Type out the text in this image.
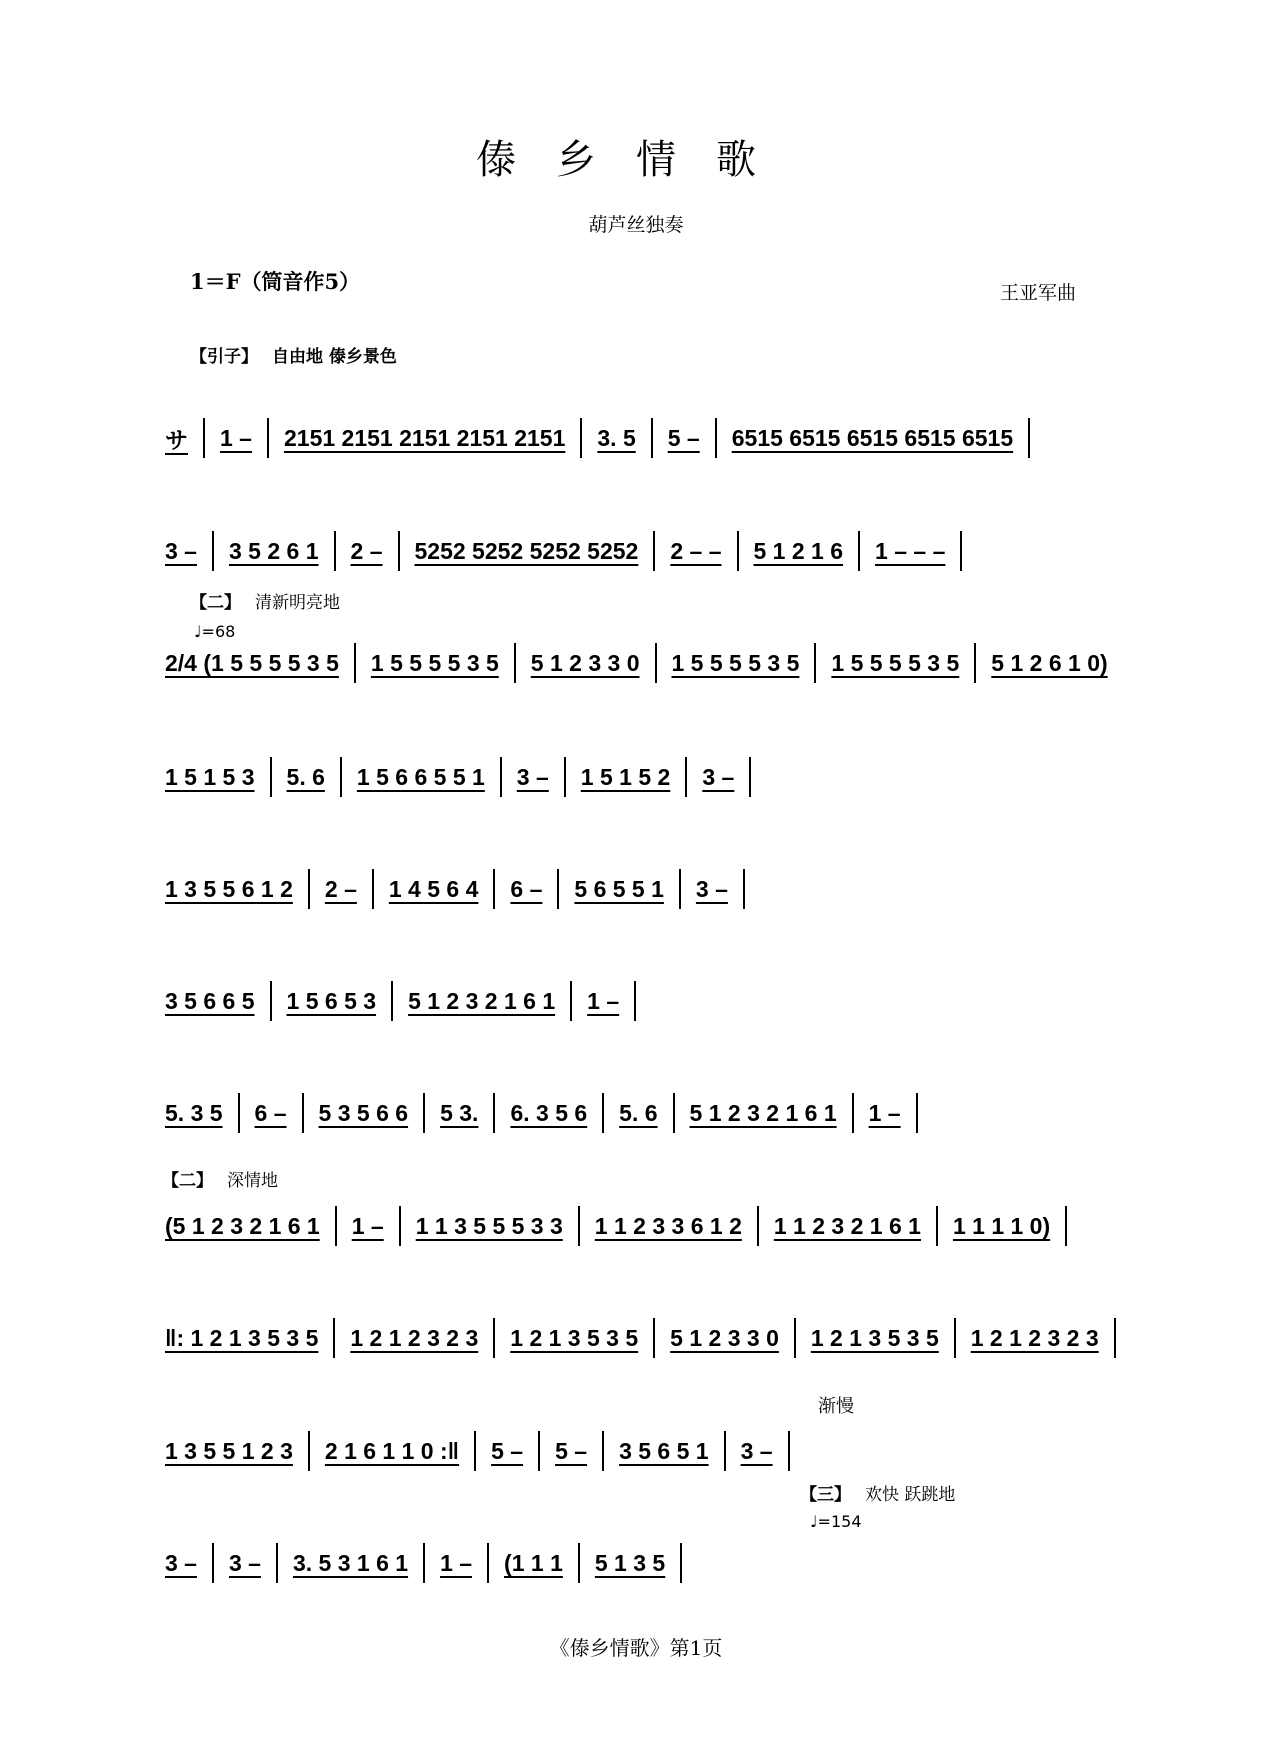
傣乡情歌
葫芦丝独奏
1＝F（筒音作5）	王亚军曲
【引子】 自由地 傣乡景色
【二】 清新明亮地
♩=68
【二】 深情地
渐慢
【三】 欢快 跃跳地
♩=154
サ	1 –	2151 2151 2151 2151 2151	3. 5	5 –	6515 6515 6515 6515 6515
3 –	3 5 2 6 1	2 –	5252 5252 5252 5252	2 – –	5 1 2 1 6	1 – – –
2/4 (1 5 5 5 5 3 5	1 5 5 5 5 3 5	5 1 2 3 3 0	1 5 5 5 5 3 5	1 5 5 5 5 3 5	5 1 2 6 1 0)
1 5 1 5 3	5. 6	1 5 6 6 5 5 1	3 –	1 5 1 5 2	3 –
1 3 5 5 6 1 2	2 –	1 4 5 6 4	6 –	5 6 5 5 1	3 –
3 5 6 6 5	1 5 6 5 3	5 1 2 3 2 1 6 1	1 –
5. 3 5	6 –	5 3 5 6 6	5 3.	6. 3 5 6	5. 6	5 1 2 3 2 1 6 1	1 –
(5 1 2 3 2 1 6 1	1 –	1 1 3 5 5 5 3 3	1 1 2 3 3 6 1 2	1 1 2 3 2 1 6 1	1 1 1 1 0)
‖: 1 2 1 3 5 3 5	1 2 1 2 3 2 3	1 2 1 3 5 3 5	5 1 2 3 3 0	1 2 1 3 5 3 5	1 2 1 2 3 2 3
1 3 5 5 1 2 3	2 1 6 1 1 0 :‖	5 –	5 –	3 5 6 5 1	3 –
3 –	3 –	3. 5 3 1 6 1	1 –	(1 1 1	5 1 3 5
《傣乡情歌》第1页
